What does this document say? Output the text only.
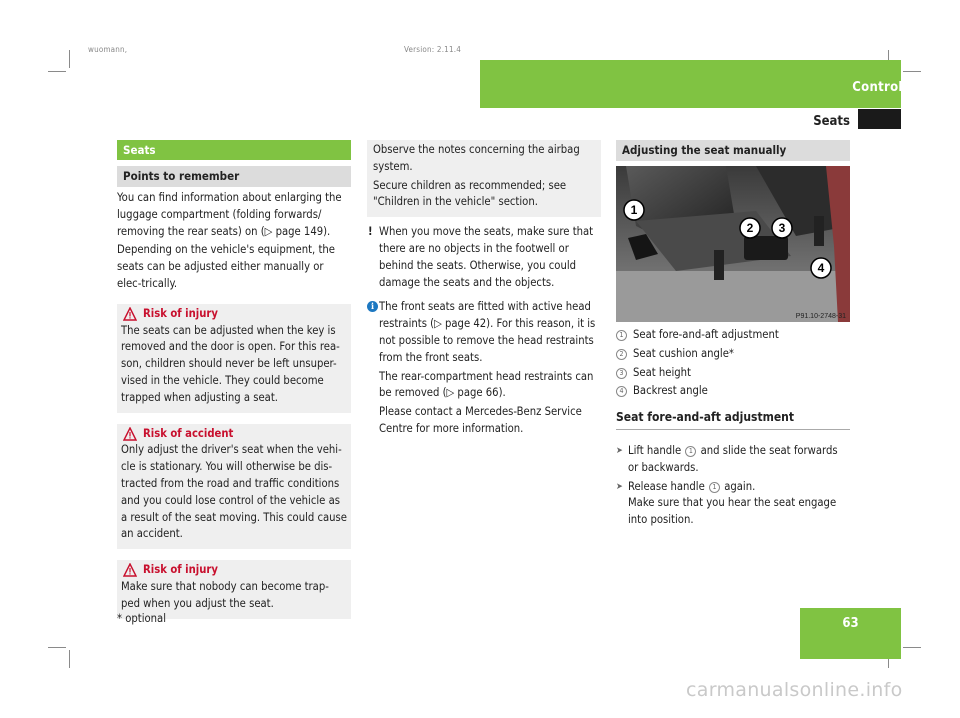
wuomann,	Version: 2.11.4
Controls
Seats
Seats
Points to remember

You can find information about enlarging the luggage compartment (folding forwards/ removing the rear seats) on (▷ page 149).

Depending on the vehicle's equipment, the seats can be adjusted either manually or elec-trically.

Risk of injury
The seats can be adjusted when the key is removed and the door is open. For this rea-son, children should never be left unsuper-vised in the vehicle. They could become trapped when adjusting a seat.
Risk of accident
Only adjust the driver's seat when the vehi-cle is stationary. You will otherwise be dis-tracted from the road and traffic conditions and you could lose control of the vehicle as a result of the seat moving. This could cause an accident.
Risk of injury
Make sure that nobody can become trap-ped when you adjust the seat.

Observe the notes concerning the airbag system.

Secure children as recommended; see "Children in the vehicle" section.

! When you move the seats, make sure that there are no objects in the footwell or behind the seats. Otherwise, you could damage the seats and the objects.

i The front seats are fitted with active head restraints (▷ page 42). For this reason, it is not possible to remove the head restraints from the front seats.

The rear-compartment head restraints can be removed (▷ page 66).

Please contact a Mercedes-Benz Service Centre for more information.

Adjusting the seat manually
1
2 3
4
P91.10-2748-31

1 Seat fore-and-aft adjustment

2 Seat cushion angle*

3 Seat height

4 Backrest angle

Seat fore-and-aft adjustment
➤ Lift handle 1 and slide the seat forwards or backwards.

➤ Release handle 1 again.

Make sure that you hear the seat engage into position.

* optional	63
carmanualsonline.info
